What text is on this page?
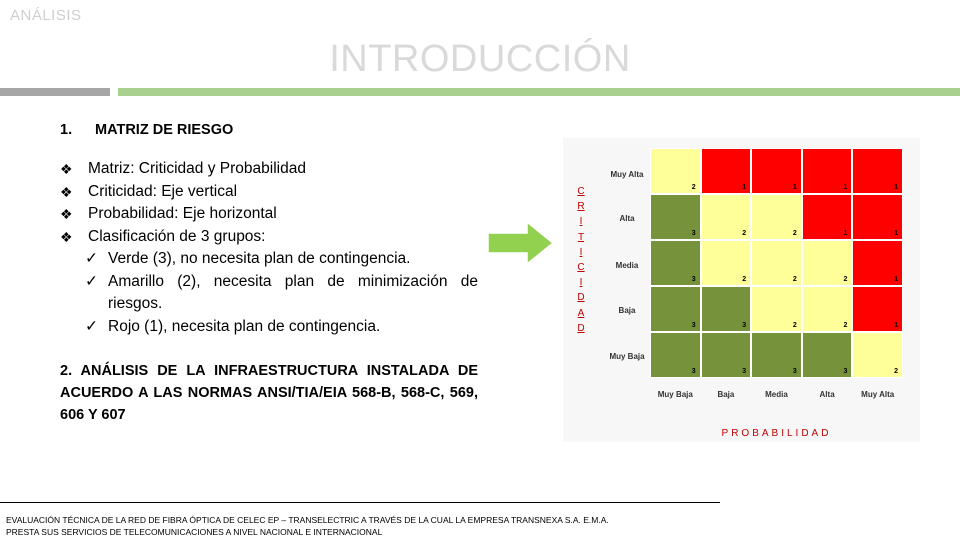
ANÁLISIS
INTRODUCCIÓN
1. MATRIZ DE RIESGO
❖ Matriz: Criticidad y Probabilidad
❖ Criticidad: Eje vertical
❖ Probabilidad: Eje horizontal
❖ Clasificación de 3 grupos:
✓ Verde (3), no necesita plan de contingencia.
✓ Amarillo (2), necesita plan de minimización de riesgos.
✓ Rojo (1), necesita plan de contingencia.
2. ANÁLISIS DE LA INFRAESTRUCTURA INSTALADA DE ACUERDO A LAS NORMAS ANSI/TIA/EIA 568-B, 568-C, 569, 606 Y 607
2	1	1	1	1
3	2	2	1	1
3	2	2	2	1
3	3	2	2	1
3	3	3	3	2
Muy Alta
Alta
Media
Baja
Muy Baja
Muy Baja	Baja	Media	Alta	Muy Alta
C
R
I
T
I
C
I
D
A
D
PROBABILIDAD
EVALUACIÓN TÉCNICA DE LA RED DE FIBRA ÓPTICA DE CELEC EP – TRANSELECTRIC A TRAVÉS DE LA CUAL LA EMPRESA TRANSNEXA S.A. E.M.A.
PRESTA SUS SERVICIOS DE TELECOMUNICACIONES A NIVEL NACIONAL E INTERNACIONAL
